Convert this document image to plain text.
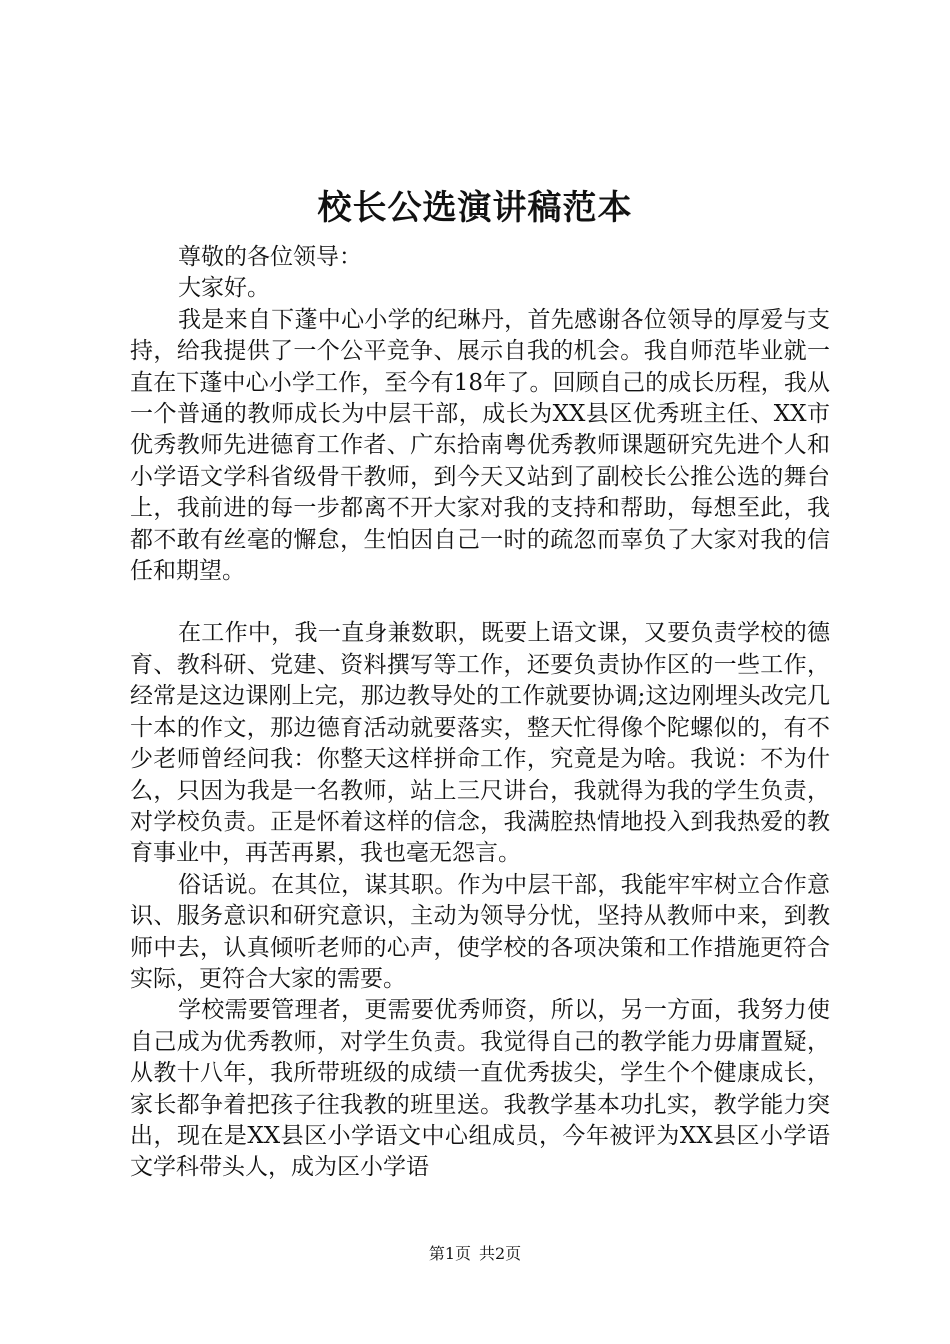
校长公选演讲稿范本

尊敬的各位领导：

大家好。

我是来自下蓬中心小学的纪琳丹，首先感谢各位领导的厚爱与支持，给我提供了一个公平竞争、展示自我的机会。我自师范毕业就一直在下蓬中心小学工作，至今有18年了。回顾自己的成长历程，我从一个普通的教师成长为中层干部，成长为XX县区优秀班主任、XX市优秀教师先进德育工作者、广东拾南粤优秀教师课题研究先进个人和小学语文学科省级骨干教师，到今天又站到了副校长公推公选的舞台上，我前进的每一步都离不开大家对我的支持和帮助，每想至此，我都不敢有丝毫的懈怠，生怕因自己一时的疏忽而辜负了大家对我的信任和期望。

在工作中，我一直身兼数职，既要上语文课，又要负责学校的德育、教科研、党建、资料撰写等工作，还要负责协作区的一些工作，经常是这边课刚上完，那边教导处的工作就要协调;这边刚埋头改完几十本的作文，那边德育活动就要落实，整天忙得像个陀螺似的，有不少老师曾经问我：你整天这样拼命工作，究竟是为啥。我说：不为什么，只因为我是一名教师，站上三尺讲台，我就得为我的学生负责，对学校负责。正是怀着这样的信念，我满腔热情地投入到我热爱的教育事业中，再苦再累，我也毫无怨言。

俗话说。在其位，谋其职。作为中层干部，我能牢牢树立合作意识、服务意识和研究意识，主动为领导分忧，坚持从教师中来，到教师中去，认真倾听老师的心声，使学校的各项决策和工作措施更符合实际，更符合大家的需要。

学校需要管理者，更需要优秀师资，所以，另一方面，我努力使自己成为优秀教师，对学生负责。我觉得自己的教学能力毋庸置疑，从教十八年，我所带班级的成绩一直优秀拔尖，学生个个健康成长，家长都争着把孩子往我教的班里送。我教学基本功扎实，教学能力突出，现在是XX县区小学语文中心组成员，今年被评为XX县区小学语文学科带头人，成为区小学语

第1页 共2页
